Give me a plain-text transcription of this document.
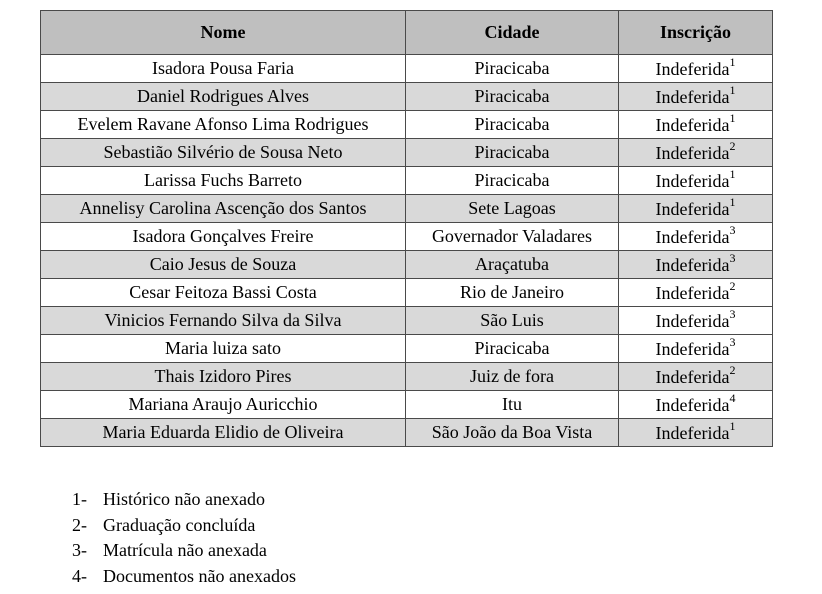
Nome	Cidade	Inscrição
Isadora Pousa Faria	Piracicaba	Indeferida$^1$
Daniel Rodrigues Alves	Piracicaba	Indeferida$^1$
Evelem Ravane Afonso Lima Rodrigues	Piracicaba	Indeferida$^1$
Sebastião Silvério de Sousa Neto	Piracicaba	Indeferida$^2$
Larissa Fuchs Barreto	Piracicaba	Indeferida$^1$
Annelisy Carolina Ascenção dos Santos	Sete Lagoas	Indeferida$^1$
Isadora Gonçalves Freire	Governador Valadares	Indeferida$^3$
Caio Jesus de Souza	Araçatuba	Indeferida$^3$
Cesar Feitoza Bassi Costa	Rio de Janeiro	Indeferida$^2$
Vinicios Fernando Silva da Silva	São Luis	Indeferida$^3$
Maria luiza sato	Piracicaba	Indeferida$^3$
Thais Izidoro Pires	Juiz de fora	Indeferida$^2$
Mariana Araujo Auricchio	Itu	Indeferida$^4$
Maria Eduarda Elidio de Oliveira	São João da Boa Vista	Indeferida$^1$
1- Histórico não anexado
2- Graduação concluída
3- Matrícula não anexada
4- Documentos não anexados
